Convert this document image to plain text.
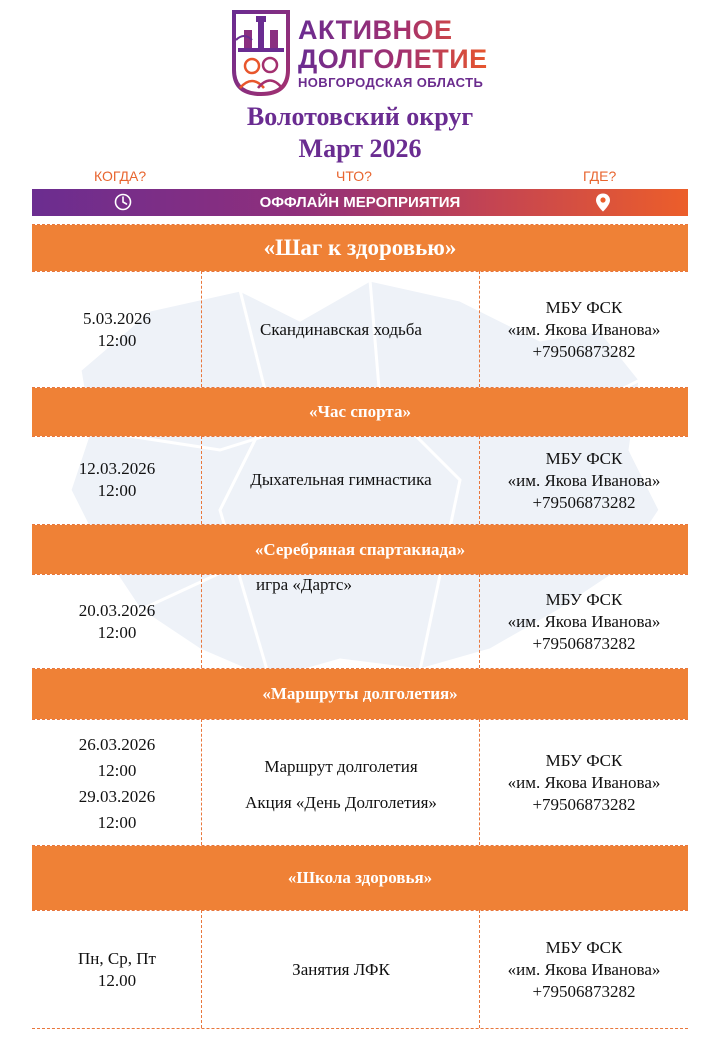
АКТИВНОЕ
ДОЛГОЛЕТИЕ
НОВГОРОДСКАЯ ОБЛАСТЬ
Волотовский округ
Март 2026
КОГДА?	ЧТО?	ГДЕ?
ОФФЛАЙН МЕРОПРИЯТИЯ
«Шаг к здоровью»
5.03.2026
12:00
Скандинавская ходьба
МБУ ФСК
«им. Якова Иванова»
+79506873282
«Час спорта»
12.03.2026
12:00
Дыхательная гимнастика
МБУ ФСК
«им. Якова Иванова»
+79506873282
«Серебряная спартакиада»
20.03.2026
12:00
игра «Дартс»
МБУ ФСК
«им. Якова Иванова»
+79506873282
«Маршруты долголетия»
26.03.2026
12:00
29.03.2026
12:00
Маршрут долголетия
Акция «День Долголетия»
МБУ ФСК
«им. Якова Иванова»
+79506873282
«Школа здоровья»
Пн, Ср, Пт
12.00
Занятия ЛФК
МБУ ФСК
«им. Якова Иванова»
+79506873282
